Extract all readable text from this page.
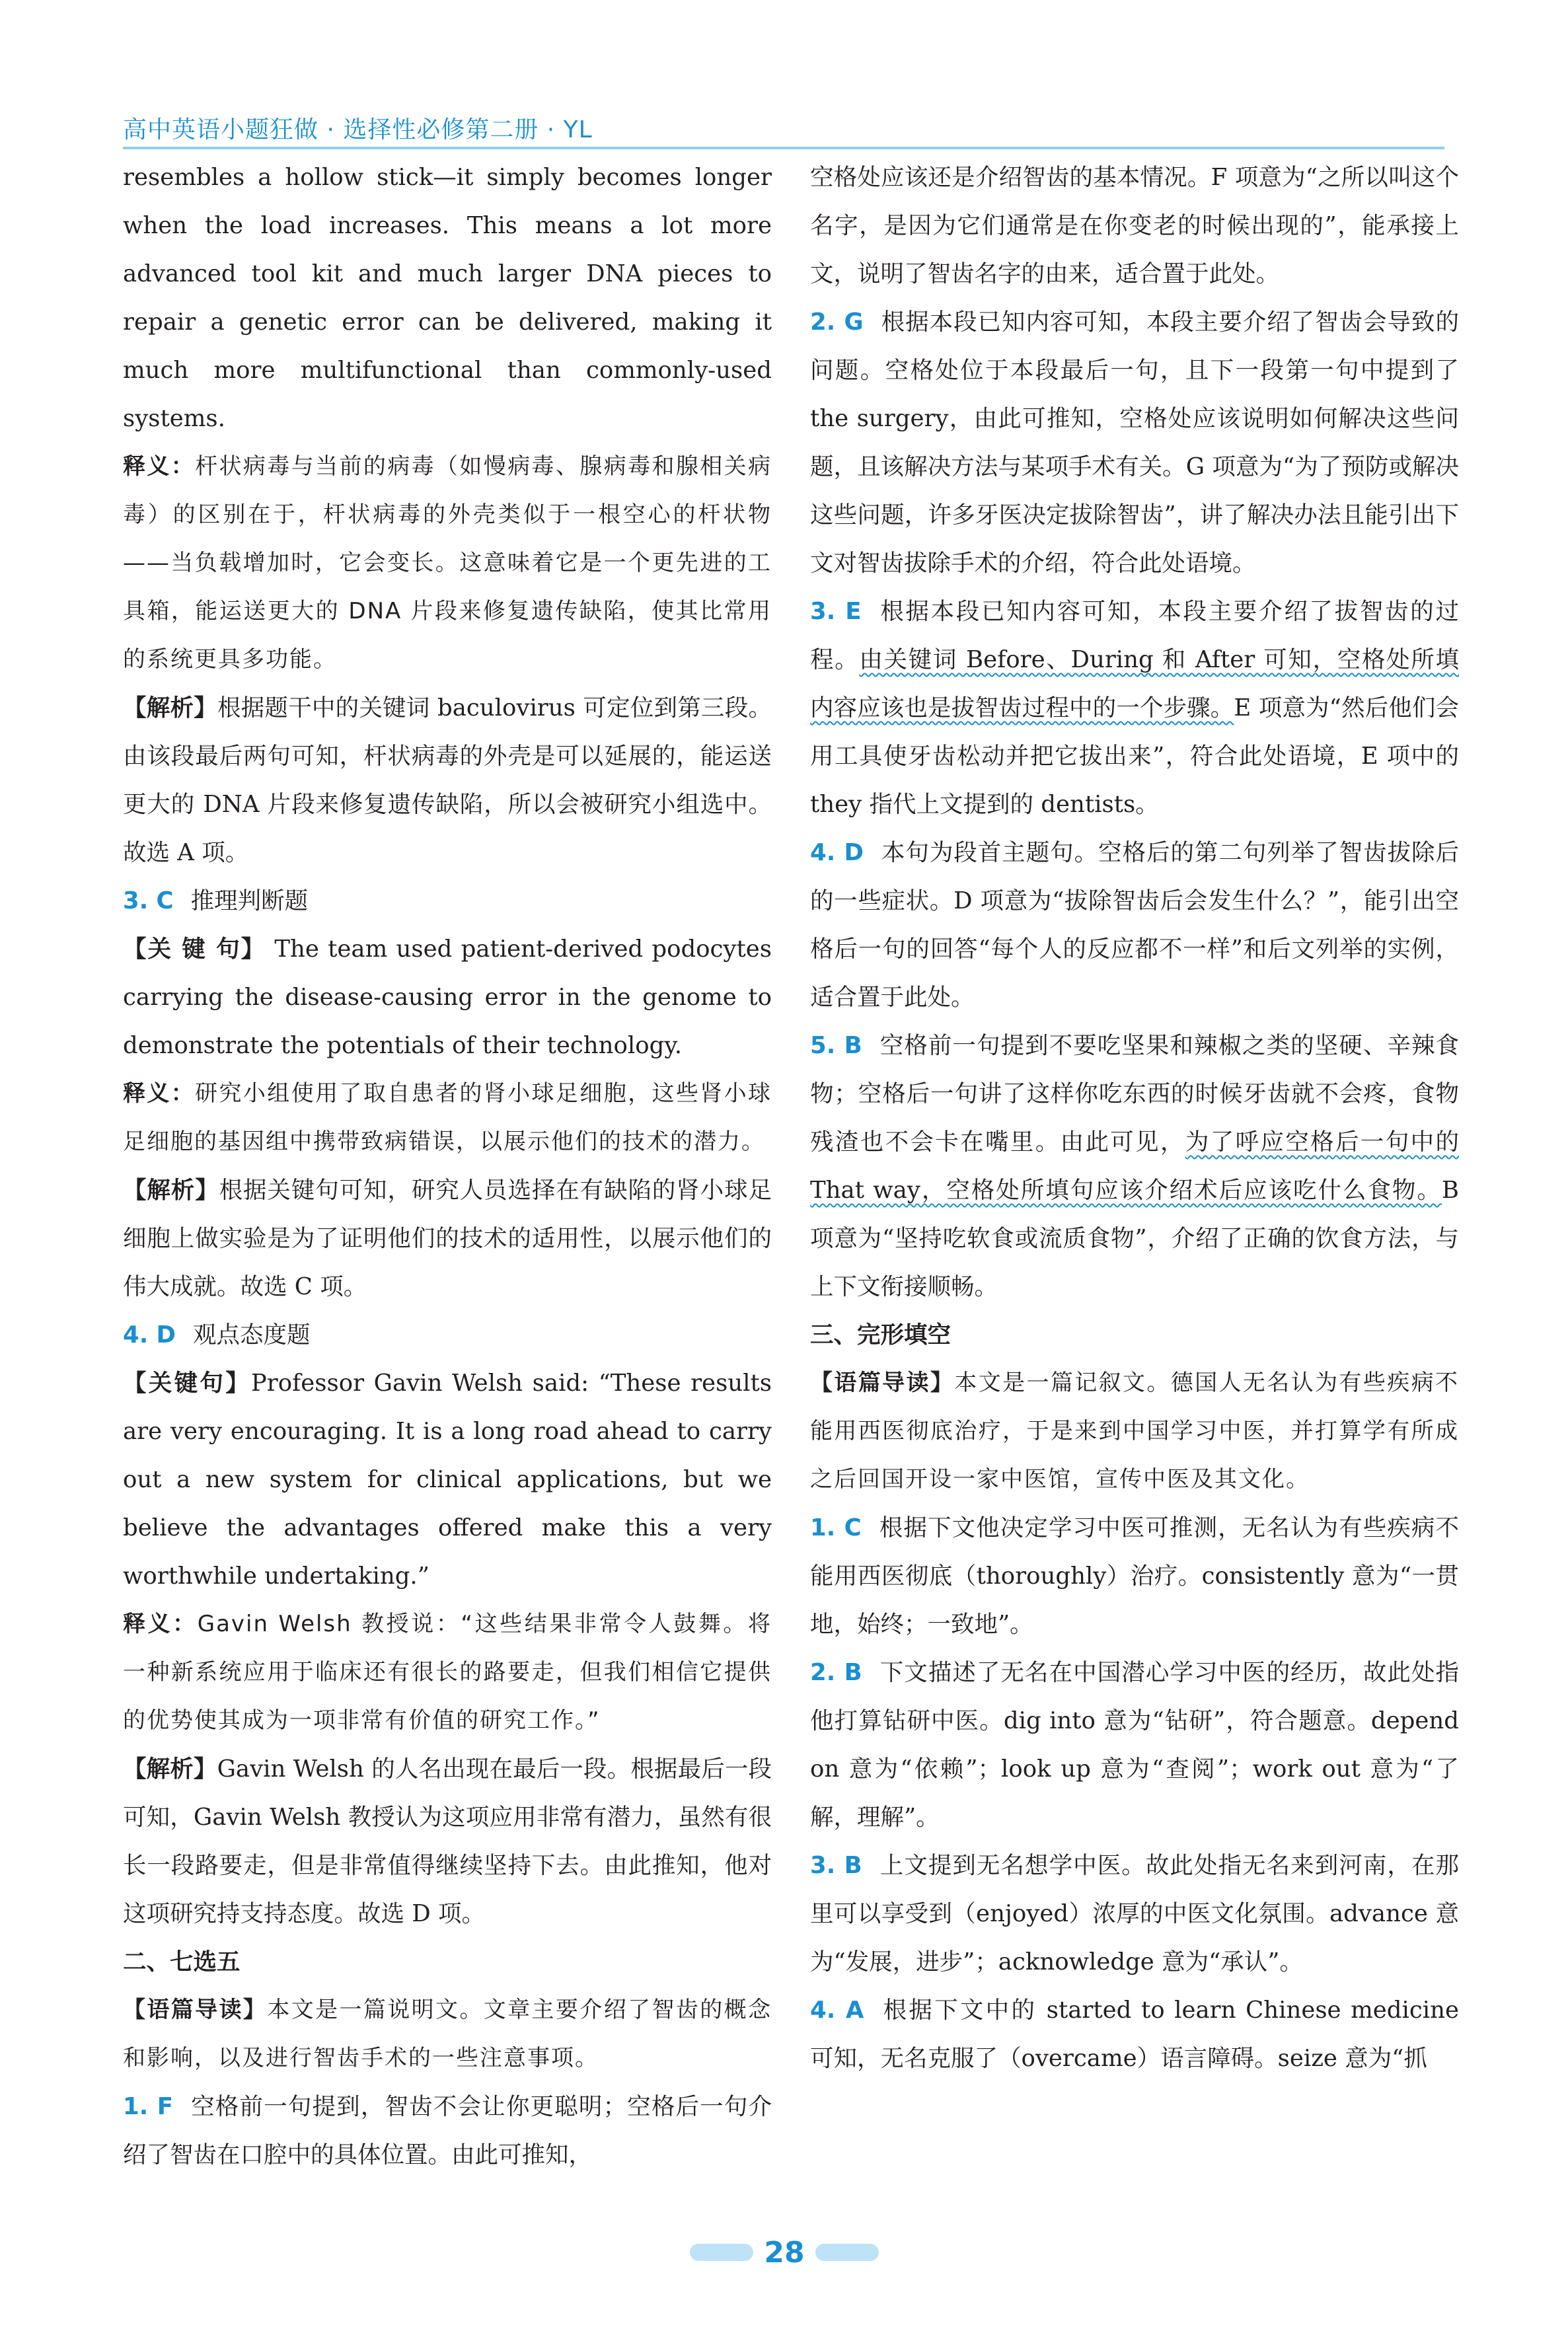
高中英语小题狂做 · 选择性必修第二册 · YL

resembles a hollow stick—it simply becomes longer when the load increases. This means a lot more advanced tool kit and much larger DNA pieces to repair a genetic error can be delivered, making it much more multifunctional than commonly-used systems.

释义：杆状病毒与当前的病毒（如慢病毒、腺病毒和腺相关病毒）的区别在于，杆状病毒的外壳类似于一根空心的杆状物——当负载增加时，它会变长。这意味着它是一个更先进的工具箱，能运送更大的 DNA 片段来修复遗传缺陷，使其比常用的系统更具多功能。

【解析】根据题干中的关键词 baculovirus 可定位到第三段。由该段最后两句可知，杆状病毒的外壳是可以延展的，能运送更大的 DNA 片段来修复遗传缺陷，所以会被研究小组选中。故选 A 项。

3. C 推理判断题

【关 键 句】 The team used patient-derived podocytes carrying the disease-causing error in the genome to demonstrate the potentials of their technology.

释义：研究小组使用了取自患者的肾小球足细胞，这些肾小球足细胞的基因组中携带致病错误，以展示他们的技术的潜力。

【解析】根据关键句可知，研究人员选择在有缺陷的肾小球足细胞上做实验是为了证明他们的技术的适用性，以展示他们的伟大成就。故选 C 项。

4. D 观点态度题

【关键句】Professor Gavin Welsh said: “These results are very encouraging. It is a long road ahead to carry out a new system for clinical applications, but we believe the advantages offered make this a very worthwhile undertaking.”

释义：Gavin Welsh 教授说：“这些结果非常令人鼓舞。将一种新系统应用于临床还有很长的路要走，但我们相信它提供的优势使其成为一项非常有价值的研究工作。”

【解析】Gavin Welsh 的人名出现在最后一段。根据最后一段可知，Gavin Welsh 教授认为这项应用非常有潜力，虽然有很长一段路要走，但是非常值得继续坚持下去。由此推知，他对这项研究持支持态度。故选 D 项。

二、七选五

【语篇导读】本文是一篇说明文。文章主要介绍了智齿的概念和影响，以及进行智齿手术的一些注意事项。

1. F 空格前一句提到，智齿不会让你更聪明；空格后一句介绍了智齿在口腔中的具体位置。由此可推知，

空格处应该还是介绍智齿的基本情况。F 项意为“之所以叫这个名字，是因为它们通常是在你变老的时候出现的”，能承接上文，说明了智齿名字的由来，适合置于此处。

2. G 根据本段已知内容可知，本段主要介绍了智齿会导致的问题。空格处位于本段最后一句，且下一段第一句中提到了 the surgery，由此可推知，空格处应该说明如何解决这些问题，且该解决方法与某项手术有关。G 项意为“为了预防或解决这些问题，许多牙医决定拔除智齿”，讲了解决办法且能引出下文对智齿拔除手术的介绍，符合此处语境。

3. E 根据本段已知内容可知，本段主要介绍了拔智齿的过程。由关键词 Before、During 和 After 可知，空格处所填内容应该也是拔智齿过程中的一个步骤。E 项意为“然后他们会用工具使牙齿松动并把它拔出来”，符合此处语境，E 项中的 they 指代上文提到的 dentists。

4. D 本句为段首主题句。空格后的第二句列举了智齿拔除后的一些症状。D 项意为“拔除智齿后会发生什么？”，能引出空格后一句的回答“每个人的反应都不一样”和后文列举的实例，适合置于此处。

5. B 空格前一句提到不要吃坚果和辣椒之类的坚硬、辛辣食物；空格后一句讲了这样你吃东西的时候牙齿就不会疼，食物残渣也不会卡在嘴里。由此可见，为了呼应空格后一句中的 That way，空格处所填句应该介绍术后应该吃什么食物。B 项意为“坚持吃软食或流质食物”，介绍了正确的饮食方法，与上下文衔接顺畅。

三、完形填空

【语篇导读】本文是一篇记叙文。德国人无名认为有些疾病不能用西医彻底治疗，于是来到中国学习中医，并打算学有所成之后回国开设一家中医馆，宣传中医及其文化。

1. C 根据下文他决定学习中医可推测，无名认为有些疾病不能用西医彻底（thoroughly）治疗。consistently 意为“一贯地，始终；一致地”。

2. B 下文描述了无名在中国潜心学习中医的经历，故此处指他打算钻研中医。dig into 意为“钻研”，符合题意。depend on 意为“依赖”；look up 意为“查阅”；work out 意为“了解，理解”。

3. B 上文提到无名想学中医。故此处指无名来到河南，在那里可以享受到（enjoyed）浓厚的中医文化氛围。advance 意为“发展，进步”；acknowledge 意为“承认”。

4. A 根据下文中的 started to learn Chinese medicine 可知，无名克服了（overcame）语言障碍。seize 意为“抓

28
